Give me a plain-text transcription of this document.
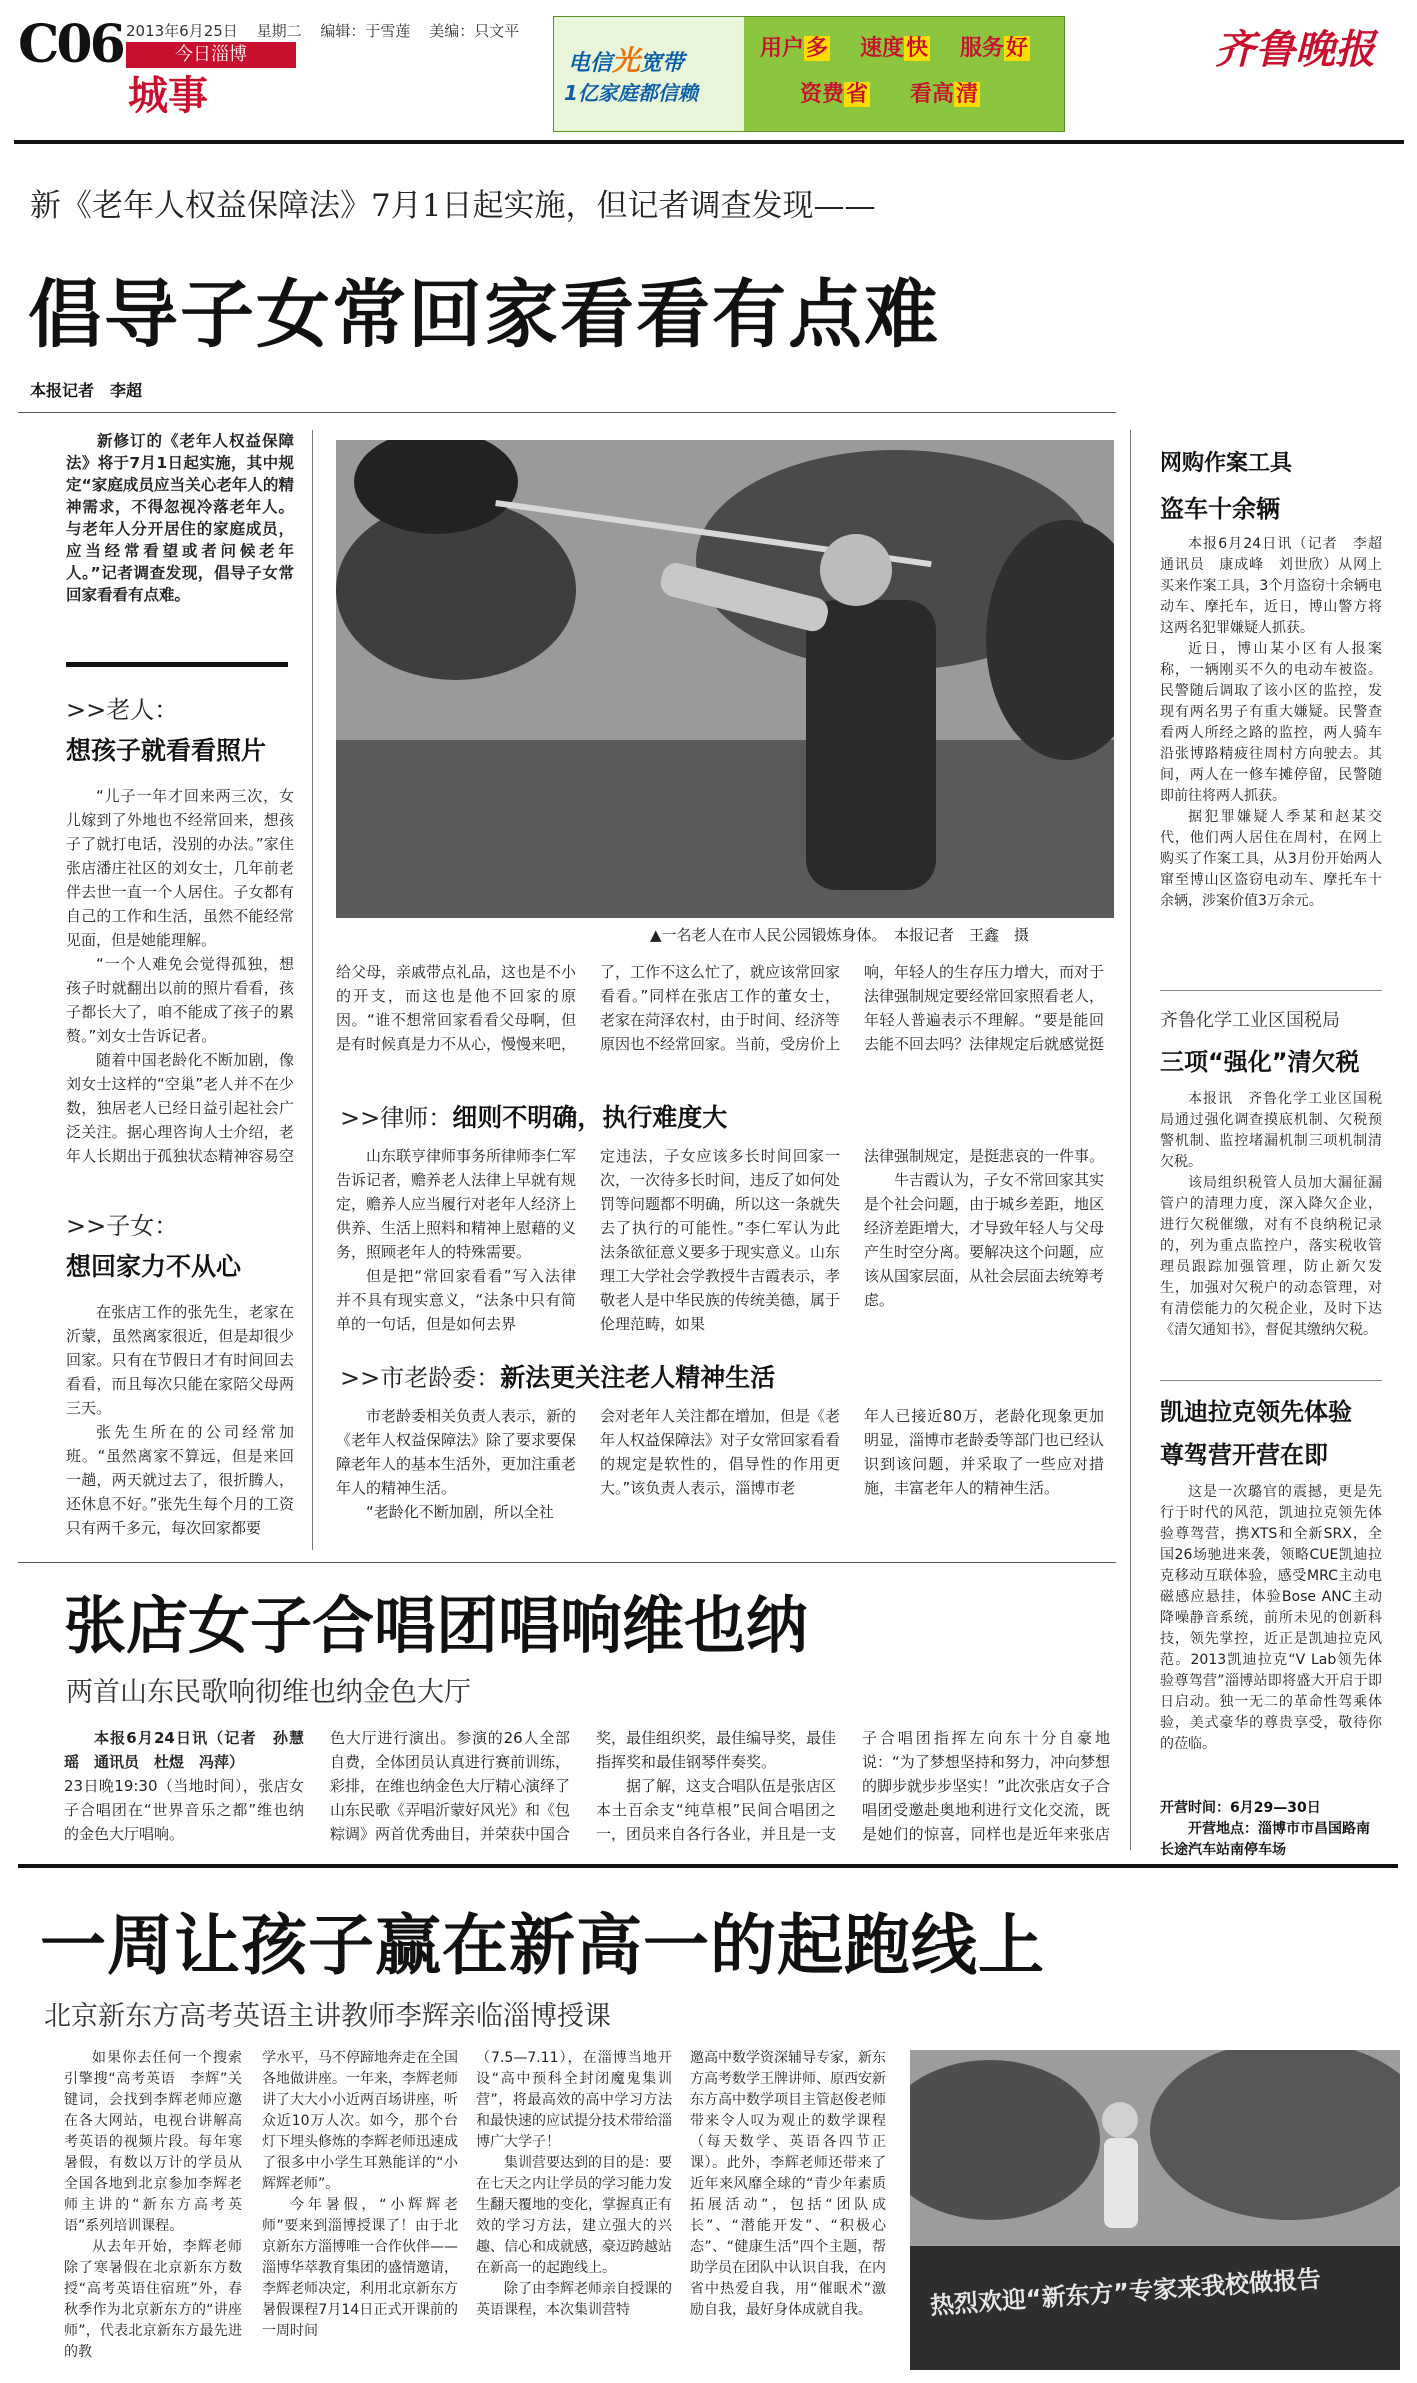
C06 2013年6月25日 星期二 编辑：于雪莲 美编：只文平
今日淄博
城事
电信光宽带
1亿家庭都信赖
用户多 速度快 服务好
资费省 看高清
齐鲁晚报
新《老年人权益保障法》7月1日起实施，但记者调查发现——
倡导子女常回家看看有点难
本报记者　李超

新修订的《老年人权益保障法》将于7月1日起实施，其中规定“家庭成员应当关心老年人的精神需求，不得忽视冷落老年人。与老年人分开居住的家庭成员，应当经常看望或者问候老年人。”记者调查发现，倡导子女常回家看看有点难。

>>老人：
想孩子就看看照片

“儿子一年才回来两三次，女儿嫁到了外地也不经常回来，想孩子了就打电话，没别的办法。”家住张店潘庄社区的刘女士，几年前老伴去世一直一个人居住。子女都有自己的工作和生活，虽然不能经常见面，但是她能理解。

“一个人难免会觉得孤独，想孩子时就翻出以前的照片看看，孩子都长大了，咱不能成了孩子的累赘。”刘女士告诉记者。

随着中国老龄化不断加剧，像刘女士这样的“空巢”老人并不在少数，独居老人已经日益引起社会广泛关注。据心理咨询人士介绍，老年人长期出于孤独状态精神容易空

>>子女：
想回家力不从心

在张店工作的张先生，老家在沂蒙，虽然离家很近，但是却很少回家。只有在节假日才有时间回去看看，而且每次只能在家陪父母两三天。

张先生所在的公司经常加班。“虽然离家不算远，但是来回一趟，两天就过去了，很折腾人，还休息不好。”张先生每个月的工资只有两千多元，每次回家都要

▲一名老人在市人民公园锻炼身体。　本报记者　王鑫　摄

给父母，亲戚带点礼品，这也是不小的开支，而这也是他不回家的原因。“谁不想常回家看看父母啊，但是有时候真是力不从心，慢慢来吧，

了，工作不这么忙了，就应该常回家看看。”同样在张店工作的董女士，老家在菏泽农村，由于时间、经济等原因也不经常回家。当前，受房价上

响，年轻人的生存压力增大，而对于法律强制规定要经常回家照看老人，年轻人普遍表示不理解。“要是能回去能不回去吗？法律规定后就感觉挺

>>律师：细则不明确，执行难度大

山东联亨律师事务所律师李仁军告诉记者，赡养老人法律上早就有规定，赡养人应当履行对老年人经济上供养、生活上照料和精神上慰藉的义务，照顾老年人的特殊需要。

但是把“常回家看看”写入法律并不具有现实意义，“法条中只有简单的一句话，但是如何去界

定违法，子女应该多长时间回家一次，一次待多长时间，违反了如何处罚等问题都不明确，所以这一条就失去了执行的可能性。”李仁军认为此法条欲征意义要多于现实意义。山东理工大学社会学教授牛吉霞表示，孝敬老人是中华民族的传统美德，属于伦理范畴，如果

法律强制规定，是挺悲哀的一件事。

牛吉霞认为，子女不常回家其实是个社会问题，由于城乡差距，地区经济差距增大，才导致年轻人与父母产生时空分离。要解决这个问题，应该从国家层面，从社会层面去统筹考虑。

>>市老龄委：新法更关注老人精神生活

市老龄委相关负责人表示，新的《老年人权益保障法》除了要求要保障老年人的基本生活外，更加注重老年人的精神生活。

“老龄化不断加剧，所以全社

会对老年人关注都在增加，但是《老年人权益保障法》对子女常回家看看的规定是软性的，倡导性的作用更大。”该负责人表示，淄博市老

年人已接近80万，老龄化现象更加明显，淄博市老龄委等部门也已经认识到该问题，并采取了一些应对措施，丰富老年人的精神生活。

网购作案工具
盗车十余辆

本报6月24日讯（记者　李超　通讯员　康成峰　刘世欣）从网上买来作案工具，3个月盗窃十余辆电动车、摩托车，近日，博山警方将这两名犯罪嫌疑人抓获。

近日，博山某小区有人报案称，一辆刚买不久的电动车被盗。民警随后调取了该小区的监控，发现有两名男子有重大嫌疑。民警查看两人所经之路的监控，两人骑车沿张博路精疲往周村方向驶去。其间，两人在一修车摊停留，民警随即前往将两人抓获。

据犯罪嫌疑人季某和赵某交代，他们两人居住在周村，在网上购买了作案工具，从3月份开始两人窜至博山区盗窃电动车、摩托车十余辆，涉案价值3万余元。

齐鲁化学工业区国税局
三项“强化”清欠税

本报讯　齐鲁化学工业区国税局通过强化调查摸底机制、欠税预警机制、监控堵漏机制三项机制清欠税。

该局组织税管人员加大漏征漏管户的清理力度，深入降欠企业，进行欠税催缴，对有不良纳税记录的，列为重点监控户，落实税收管理员跟踪加强管理，防止新欠发生，加强对欠税户的动态管理，对有清偿能力的欠税企业，及时下达《清欠通知书》，督促其缴纳欠税。

凯迪拉克领先体验
尊驾营开营在即

这是一次璐官的震撼，更是先行于时代的风范，凯迪拉克领先体验尊驾营，携XTS和全新SRX，全国26场驰进来袭，领略CUE凯迪拉克移动互联体验，感受MRC主动电磁感应悬挂，体验Bose ANC主动降噪静音系统，前所未见的创新科技，领先掌控，近正是凯迪拉克风范。2013凯迪拉克“V Lab领先体验尊驾营”淄博站即将盛大开启于即日启动。独一无二的革命性驾乘体验，美式豪华的尊贵享受，敬待你的莅临。

开营时间：6月29—30日
开营地点：淄博市市昌国路南长途汽车站南停车场
张店女子合唱团唱响维也纳
两首山东民歌响彻维也纳金色大厅

本报6月24日讯（记者　孙慧瑶　通讯员　杜煜　冯萍）

23日晚19:30（当地时间），张店女子合唱团在“世界音乐之都”维也纳的金色大厅唱响。

色大厅进行演出。参演的26人全部自费，全体团员认真进行赛前训练，彩排，在维也纳金色大厅精心演绎了山东民歌《弄唱沂蒙好风光》和《包粽调》两首优秀曲目，并荣获中国合

奖，最佳组织奖，最佳编导奖，最佳指挥奖和最佳钢琴伴奏奖。

据了解，这支合唱队伍是张店区本土百余支“纯草根”民间合唱团之一，团员来自各行各业，并且是一支

子合唱团指挥左向东十分自豪地说：“为了梦想坚持和努力，冲向梦想的脚步就步步坚实！”此次张店女子合唱团受邀赴奥地利进行文化交流，既是她们的惊喜，同样也是近年来张店

一周让孩子赢在新高一的起跑线上
北京新东方高考英语主讲教师李辉亲临淄博授课

如果你去任何一个搜索引擎搜“高考英语　李辉”关键词，会找到李辉老师应邀在各大网站，电视台讲解高考英语的视频片段。每年寒暑假，有数以万计的学员从全国各地到北京参加李辉老师主讲的“新东方高考英语”系列培训课程。

从去年开始，李辉老师除了寒暑假在北京新东方数授“高考英语住宿班”外，春秋季作为北京新东方的“讲座师”，代表北京新东方最先进的教

学水平，马不停蹄地奔走在全国各地做讲座。一年来，李辉老师讲了大大小小近两百场讲座，听众近10万人次。如今，那个台灯下埋头修炼的李辉老师迅速成了很多中小学生耳熟能详的“小辉辉老师”。

今年暑假，“小辉辉老师”要来到淄博授课了！由于北京新东方淄博唯一合作伙伴——淄博华萃教育集团的盛情邀请，李辉老师决定，利用北京新东方暑假课程7月14日正式开课前的一周时间

（7.5—7.11），在淄博当地开设“高中预科全封闭魔鬼集训营”，将最高效的高中学习方法和最快速的应试提分技术带给淄博广大学子！

集训营要达到的目的是：要在七天之内让学员的学习能力发生翻天覆地的变化，掌握真正有效的学习方法，建立强大的兴趣、信心和成就感，豪迈跨越站在新高一的起跑线上。

除了由李辉老师亲自授课的英语课程，本次集训营特

邀高中数学资深辅导专家，新东方高考数学王牌讲师、原西安新东方高中数学项目主管赵俊老师带来令人叹为观止的数学课程（每天数学、英语各四节正课）。此外，李辉老师还带来了近年来风靡全球的“青少年素质拓展活动”，包括“团队成长”、“潜能开发”、“积极心态”、“健康生活”四个主题，帮助学员在团队中认识自我，在内省中热爱自我，用“催眠术”激励自我，最好身体成就自我。	热烈欢迎“新东方”专家来我校做报告
